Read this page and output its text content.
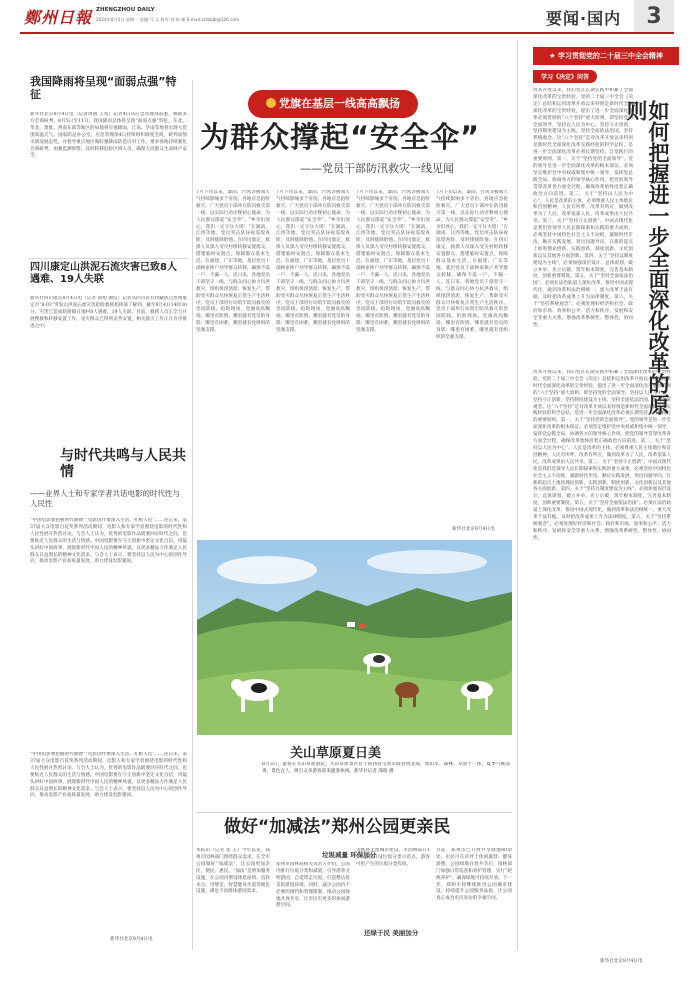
鄭州日報 ZHENGZHOU DAILY
2024年8月5日 星期一 责编 马 文 校对 刘 昀 邮 E-mail:zzrbbjb@126.com	要闻·国内	3
我国降雨将呈现“面弱点强”特征
新华社北京8月4日电（记者周圆 王希）记者4日从应急管理部获悉，根据多方会商研判，8月5日至11日，我国降雨总体将呈现“面弱点强”特征。东北、华北、黄淮、西南东部等地区的局地将有强降雨，江南、华南等地将出现大范围高温天气。国家防总办公室、应急管理部4日持续组织调度会商，研判雨情水情发展态势，并督导重点地区做好强降雨防范应对工作。要求各地持续强化会商研判，加强监测预警，及时转移危险区域人员，确保人民群众生命财产安全。
四川康定山洪泥石流灾害已致8人遇难、19人失联
新华社四川康定8月4日电（记者 胡旭 谢佼）记者从四川省甘孜藏族自治州康定市“8·03”突发山洪泥石流灾害抢险救援指挥部了解到，截至8月4日14时30分，灾害已造成姑咱镇日地村8人遇难，19人失联。目前，救援人员正全力开展搜救和转移安置工作，受灾群众已得到妥善安置，相关救灾工作正在有序推进之中。
党旗在基层一线高高飘扬
为群众撑起“安全伞”
——党员干部防汛救灾一线见闻
7月下旬以来，暴雨、台风等极端天气持续影响多个省份。各地应急抢险救灾。广大党员干部冲在防汛救灾第一线，以实际行动诠释初心使命，为人民群众撑起“安全伞”。“乡亲们放心，我们一定守住大堤！”在湖南、江西等地，党员突击队昼夜巡堤查险，及时排除险情。在四川康定，救援人员深入受灾村组转移安置群众，搭建临时安置点，保障群众基本生活。在福建、广东等地，基层党员干部挨家挨户劝导群众转移，确保不落一户、不漏一人。连日来，各地党员干部坚守一线，与群众同心协力抗洪救灾，组织排涝清淤、恢复生产，帮助受灾群众尽快恢复正常生产生活秩序。党员干部用行动筑牢防汛救灾的坚固防线。抢险现场，党旗高高飘扬。哪里有险情，哪里就有党员的身影；哪里有困难，哪里就有党组织的坚强支撑。
7月下旬以来，暴雨、台风等极端天气持续影响多个省份。各地应急抢险救灾。广大党员干部冲在防汛救灾第一线，以实际行动诠释初心使命，为人民群众撑起“安全伞”。“乡亲们放心，我们一定守住大堤！”在湖南、江西等地，党员突击队昼夜巡堤查险，及时排除险情。在四川康定，救援人员深入受灾村组转移安置群众，搭建临时安置点，保障群众基本生活。在福建、广东等地，基层党员干部挨家挨户劝导群众转移，确保不落一户、不漏一人。连日来，各地党员干部坚守一线，与群众同心协力抗洪救灾，组织排涝清淤、恢复生产，帮助受灾群众尽快恢复正常生产生活秩序。党员干部用行动筑牢防汛救灾的坚固防线。抢险现场，党旗高高飘扬。哪里有险情，哪里就有党员的身影；哪里有困难，哪里就有党组织的坚强支撑。
7月下旬以来，暴雨、台风等极端天气持续影响多个省份。各地应急抢险救灾。广大党员干部冲在防汛救灾第一线，以实际行动诠释初心使命，为人民群众撑起“安全伞”。“乡亲们放心，我们一定守住大堤！”在湖南、江西等地，党员突击队昼夜巡堤查险，及时排除险情。在四川康定，救援人员深入受灾村组转移安置群众，搭建临时安置点，保障群众基本生活。在福建、广东等地，基层党员干部挨家挨户劝导群众转移，确保不落一户、不漏一人。连日来，各地党员干部坚守一线，与群众同心协力抗洪救灾，组织排涝清淤、恢复生产，帮助受灾群众尽快恢复正常生产生活秩序。党员干部用行动筑牢防汛救灾的坚固防线。抢险现场，党旗高高飘扬。哪里有险情，哪里就有党员的身影；哪里有困难，哪里就有党组织的坚强支撑。
7月下旬以来，暴雨、台风等极端天气持续影响多个省份。各地应急抢险救灾。广大党员干部冲在防汛救灾第一线，以实际行动诠释初心使命，为人民群众撑起“安全伞”。“乡亲们放心，我们一定守住大堤！”在湖南、江西等地，党员突击队昼夜巡堤查险，及时排除险情。在四川康定，救援人员深入受灾村组转移安置群众，搭建临时安置点，保障群众基本生活。在福建、广东等地，基层党员干部挨家挨户劝导群众转移，确保不落一户、不漏一人。连日来，各地党员干部坚守一线，与群众同心协力抗洪救灾，组织排涝清淤、恢复生产，帮助受灾群众尽快恢复正常生产生活秩序。党员干部用行动筑牢防汛救灾的坚固防线。抢险现场，党旗高高飘扬。哪里有险情，哪里就有党员的身影；哪里有困难，哪里就有党组织的坚强支撑。
新华社北京8月4日电
★ 学习贯彻党的二十届三中全会精神
学习《决定》问答
改革开放以来，我们党在长期实践中积累了全面深化改革的宝贵经验。党的二十届三中全会《决定》总结和运用改革开放以来特别是新时代全面深化改革的宝贵经验，提出了进一步全面深化改革必须贯彻的“六个坚持”重大原则，即坚持党的全面领导，坚持以人民为中心，坚持守正创新，坚持制度建设为主线，坚持全面依法治国，坚持系统观念。这“六个坚持”是对改革开放以来特别是新时代全面深化改革实践经验的科学总结，是进一步全面深化改革必须长期坚持、自觉践行的重要原则。第一，关于“坚持党的全面领导”。党的领导是进一步全面深化改革的根本保证。必须坚定维护党中央权威和集中统一领导，发挥党总揽全局、协调各方的领导核心作用，把党的领导贯穿改革各方面全过程，确保改革始终沿着正确政治方向前进。第二，关于“坚持以人民为中心”。人民是改革的主体，必须尊重人民主体地位和首创精神，人民有所呼、改革有所应，做到改革为了人民、改革依靠人民、改革成果由人民共享。第三，关于“坚持守正创新”。中国式现代化是我们党领导人民长期探索和实践的重大成果，必须坚持中国特色社会主义不动摇，紧跟时代步伐，顺应实践发展，突出问题导向，在新的起点上推进理论创新、实践创新、制度创新、文化创新以及其他各方面创新。第四，关于“坚持以制度建设为主线”。必须加强顶层设计、总体谋划，破立并举、先立后破，筑牢根本制度，完善基本制度，创新重要制度。第五，关于“坚持全面依法治国”。必须在法治轨道上深化改革、推进中国式现代化，做到改革和法治相统一，重大改革于法有据、及时把改革成果上升为法律制度。第六，关于“坚持系统观念”。必须处理好经济和社会、政府和市场、效率和公平、活力和秩序、发展和安全等重大关系，增强改革系统性、整体性、协同性。	如何把握进一步全面深化改革的原则
改革开放以来，我们党在长期实践中积累了全面深化改革的宝贵经验。党的二十届三中全会《决定》总结和运用改革开放以来特别是新时代全面深化改革的宝贵经验，提出了进一步全面深化改革必须贯彻的“六个坚持”重大原则，即坚持党的全面领导，坚持以人民为中心，坚持守正创新，坚持制度建设为主线，坚持全面依法治国，坚持系统观念。这“六个坚持”是对改革开放以来特别是新时代全面深化改革实践经验的科学总结，是进一步全面深化改革必须长期坚持、自觉践行的重要原则。第一，关于“坚持党的全面领导”。党的领导是进一步全面深化改革的根本保证。必须坚定维护党中央权威和集中统一领导，发挥党总揽全局、协调各方的领导核心作用，把党的领导贯穿改革各方面全过程，确保改革始终沿着正确政治方向前进。第二，关于“坚持以人民为中心”。人民是改革的主体，必须尊重人民主体地位和首创精神，人民有所呼、改革有所应，做到改革为了人民、改革依靠人民、改革成果由人民共享。第三，关于“坚持守正创新”。中国式现代化是我们党领导人民长期探索和实践的重大成果，必须坚持中国特色社会主义不动摇，紧跟时代步伐，顺应实践发展，突出问题导向，在新的起点上推进理论创新、实践创新、制度创新、文化创新以及其他各方面创新。第四，关于“坚持以制度建设为主线”。必须加强顶层设计、总体谋划，破立并举、先立后破，筑牢根本制度，完善基本制度，创新重要制度。第五，关于“坚持全面依法治国”。必须在法治轨道上深化改革、推进中国式现代化，做到改革和法治相统一，重大改革于法有据、及时把改革成果上升为法律制度。第六，关于“坚持系统观念”。必须处理好经济和社会、政府和市场、效率和公平、活力和秩序、发展和安全等重大关系，增强改革系统性、整体性、协同性。
新华社北京8月4日电
与时代共鸣与人民共情
——业界人士和专家学者共话电影的时代性与人民性
“中国电影要把握时代脉搏”“电影创作要深入生活、扎根人民”……连日来，第37届大众电影百花奖系列活动期间，电影人和专家学者围绕电影的时代性和人民性展开热烈讨论。与会人士认为，优秀的电影作品既要回应时代之问，也要贴近人民群众的生活与情感。中国电影要在守正创新中坚定文化自信，用镜头讲好中国故事，展现新时代中国人民的精神风貌，以更多精品力作满足人民群众日益增长的精神文化需求。与会人士表示，要坚持以人民为中心的创作导向，推动电影产业高质量发展，助力建设电影强国。
“中国电影要把握时代脉搏”“电影创作要深入生活、扎根人民”……连日来，第37届大众电影百花奖系列活动期间，电影人和专家学者围绕电影的时代性和人民性展开热烈讨论。与会人士认为，优秀的电影作品既要回应时代之问，也要贴近人民群众的生活与情感。中国电影要在守正创新中坚定文化自信，用镜头讲好中国故事，展现新时代中国人民的精神风貌，以更多精品力作满足人民群众日益增长的精神文化需求。与会人士表示，要坚持以人民为中心的创作导向，推动电影产业高质量发展，助力建设电影强国。
新华社北京8月4日电
关山草原夏日美
8月3日，游客在关山草原游玩。关山草原景区位于陕西省宝鸡市陇县西北部，集山水、森林、草原于一体，夏季气候凉爽，景色宜人，吸引众多游客前来避暑休闲。新华社记者 邵瑞 摄
做好“加减法”郑州公园更亲民
本报讯（记者 张 玉）今年以来，郑州市园林部门围绕群众需求，在全市公园做好“加减法”，让公园更加亲民、便民、惠民。“加法”是增加服务设施，在公园内增设休息座椅、直饮水点、母婴室、智慧健身步道等便民设施，满足不同群体游园需求。
垃圾减量 环保加分
郑州市园林局相关负责人介绍，公园内推行垃圾分类和减量，引导游客文明游园、自觉带走垃圾，打造整洁优美的游园环境。同时，减少公园内不必要的围挡和管理限制，推动公园绿地开放共享，让市民有更多的休闲游憩空间。
为推进无废城市建设，市园林局在17个公园开设垃圾分类示范点，游客可把产生的垃圾分类投放。
还绿于民 美丽加分
目前，郑州市已开放共享绿地80余处，市民可在草坪上休闲露营、健身游憩。公园绿地开放共享后，园林部门加强日常巡查和养护管理，实行“轮换养护”，确保绿地可持续开放。下一步，郑州市将继续推进公园城市建设，持续提升公园服务品质，让公园真正成为市民身边的幸福空间。
